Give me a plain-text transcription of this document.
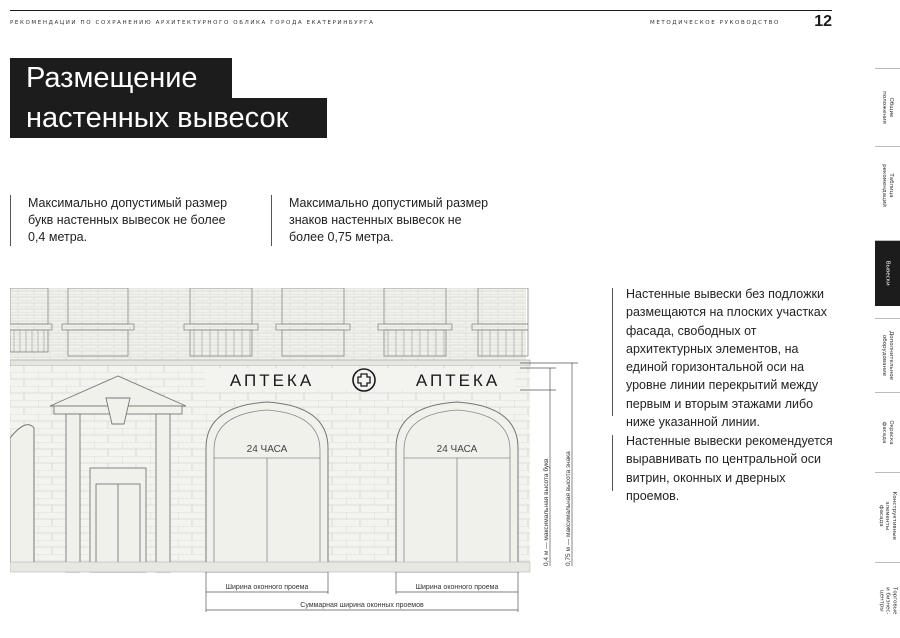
РЕКОМЕНДАЦИИ ПО СОХРАНЕНИЮ АРХИТЕКТУРНОГО ОБЛИКА ГОРОДА ЕКАТЕРИНБУРГА	МЕТОДИЧЕСКОЕ РУКОВОДСТВО 12
Размещение
настенных вывесок
Максимально допустимый размер букв настенных вывесок не более 0,4 метра.
Максимально допустимый размер знаков настенных вывесок не более 0,75 метра.
Настенные вывески без подложки размещаются на плоских участках фасада, свободных от архитектурных элементов, на единой горизонтальной оси на уровне линии перекрытий между первым и вторым этажами либо ниже указанной линии.
Настенные вывески рекомендуется выравнивать по центральной оси витрин, оконных и дверных проемов.
АПТЕКА	АПТЕКА
24 ЧАСА	24 ЧАСА
0,4 м — максимальная высота букв 0,75 м — максимальная высота знака
Ширина оконного проема	Ширина оконного проема
Суммарная ширина оконных проемов
Общие
положения
Таблица
рекомендаций
Вывески
Дополнительное
оборудование
Окраска фасада
Конструктивные
элементы фасада
Торговые
и бизнес-центры
